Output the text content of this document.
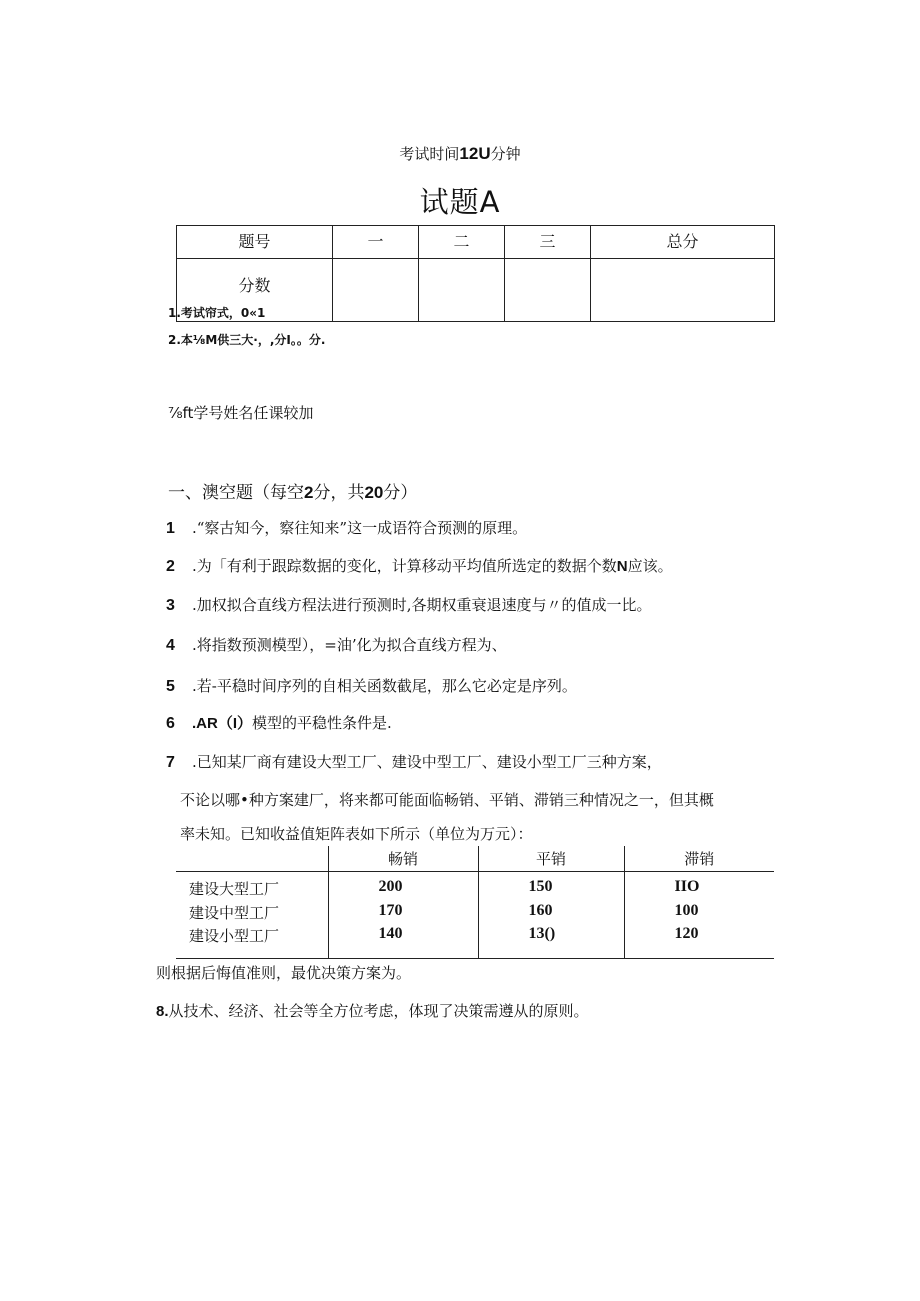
考试时间12U分钟
试题A
题号	一	二	三	总分
分数				
1.考试帘式，0«1
2.本⅛M供三大·，,分I。。分.
⅞ft学号姓名任课较加
一、澳空题（每空2分，共20分）
1 .“察古知今，察往知来”这一成语符合预测的原理。
2 .为「有利于跟踪数据的变化，计算移动平均值所选定的数据个数N应该。
3 .加权拟合直线方程法进行预测时,各期权重衰退速度与〃的值成一比。
4 .将指数预测模型），=油’化为拟合直线方程为、
5 .若-平稳时间序列的自相关函数截尾，那么它必定是序列。
6 .AR（I）模型的平稳性条件是.
7 .已知某厂商有建设大型工厂、建设中型工厂、建设小型工厂三种方案，
不论以哪•种方案建厂，将来都可能面临畅销、平销、滞销三种情况之一，但其概
率未知。已知收益值矩阵表如下所示（单位为万元）：
	畅销	平销	滞销
建设大型工厂	200	150	IIO
建设中型工厂	170	160	100
建设小型工厂	140	13()	120
则根据后悔值准则，最优决策方案为。
8.从技术、经济、社会等全方位考虑，体现了决策需遵从的原则。
